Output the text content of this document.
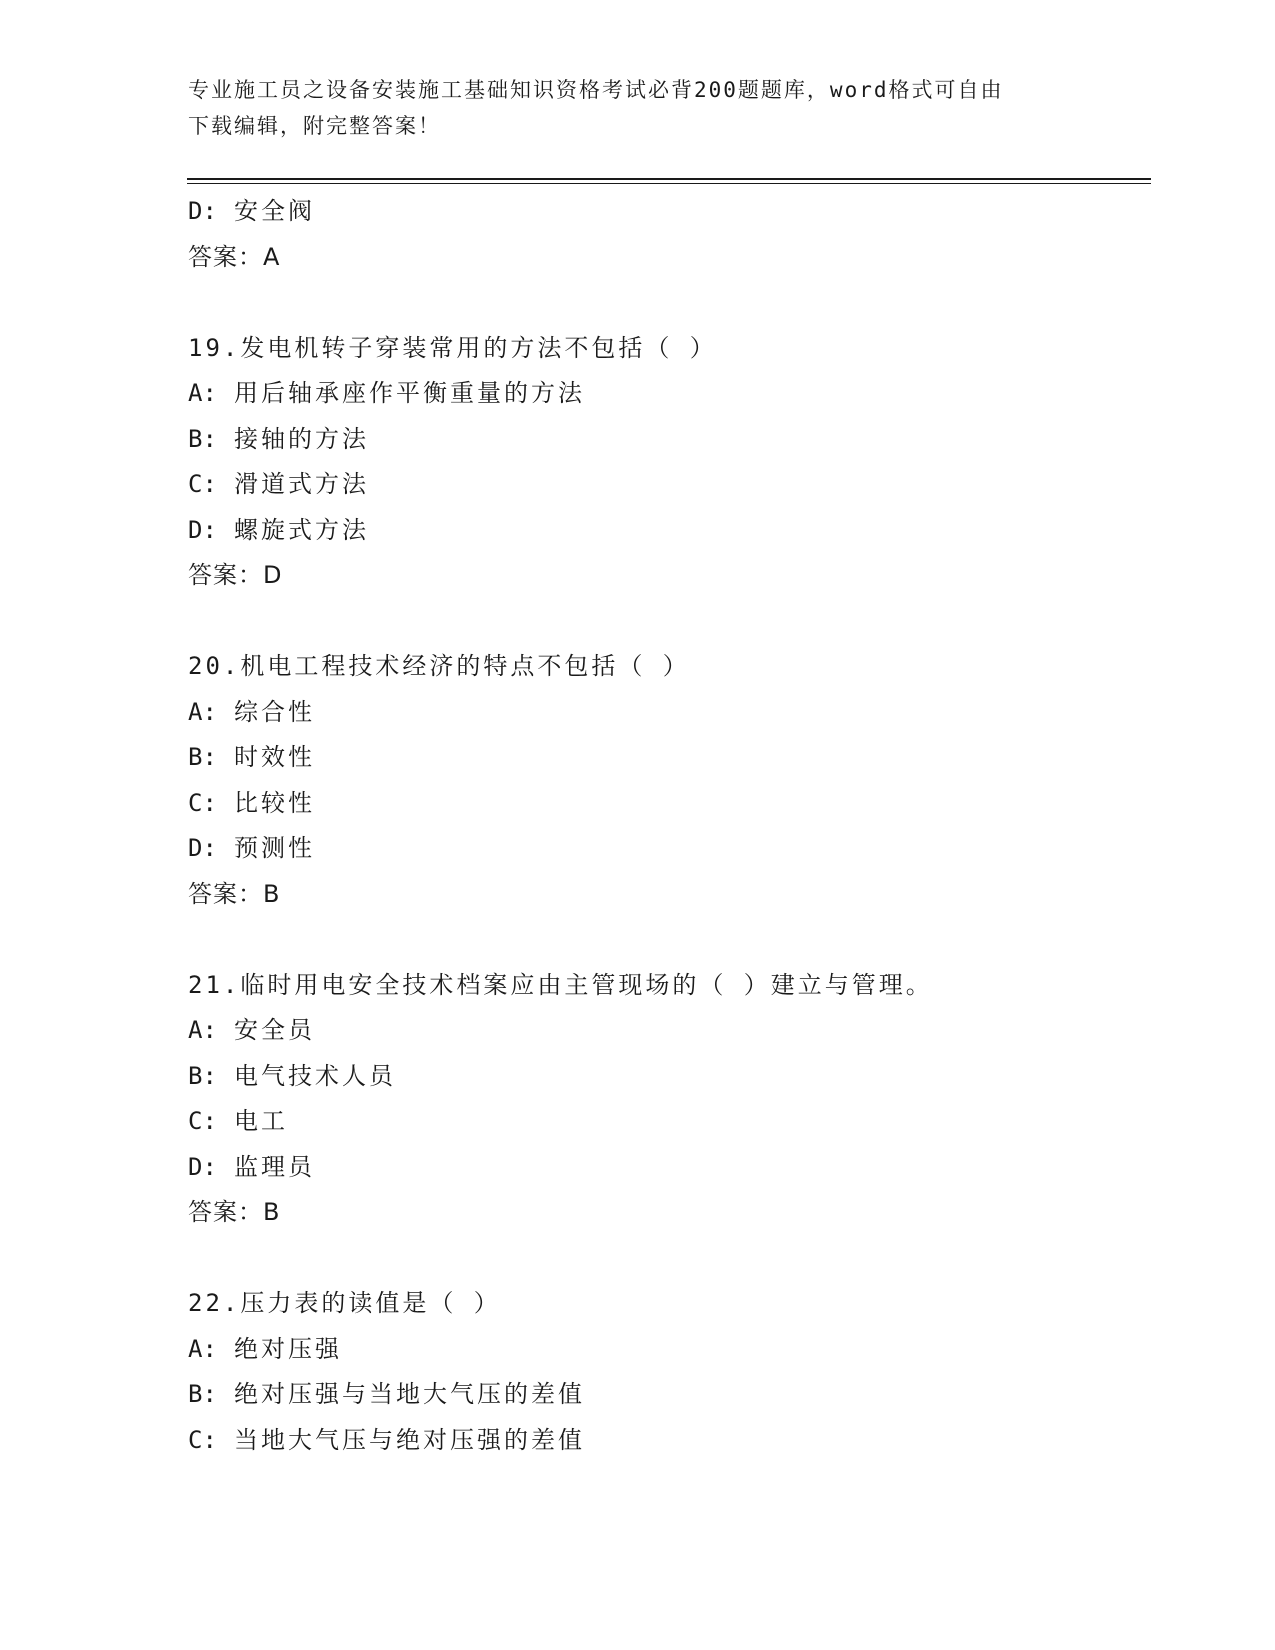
专业施工员之设备安装施工基础知识资格考试必背200题题库，word格式可自由
下载编辑，附完整答案！
D: 安全阀
答案：A
19.发电机转子穿装常用的方法不包括（ ）
A: 用后轴承座作平衡重量的方法
B: 接轴的方法
C: 滑道式方法
D: 螺旋式方法
答案：D
20.机电工程技术经济的特点不包括（ ）
A: 综合性
B: 时效性
C: 比较性
D: 预测性
答案：B
21.临时用电安全技术档案应由主管现场的（ ）建立与管理。
A: 安全员
B: 电气技术人员
C: 电工
D: 监理员
答案：B
22.压力表的读值是（ ）
A: 绝对压强
B: 绝对压强与当地大气压的差值
C: 当地大气压与绝对压强的差值
